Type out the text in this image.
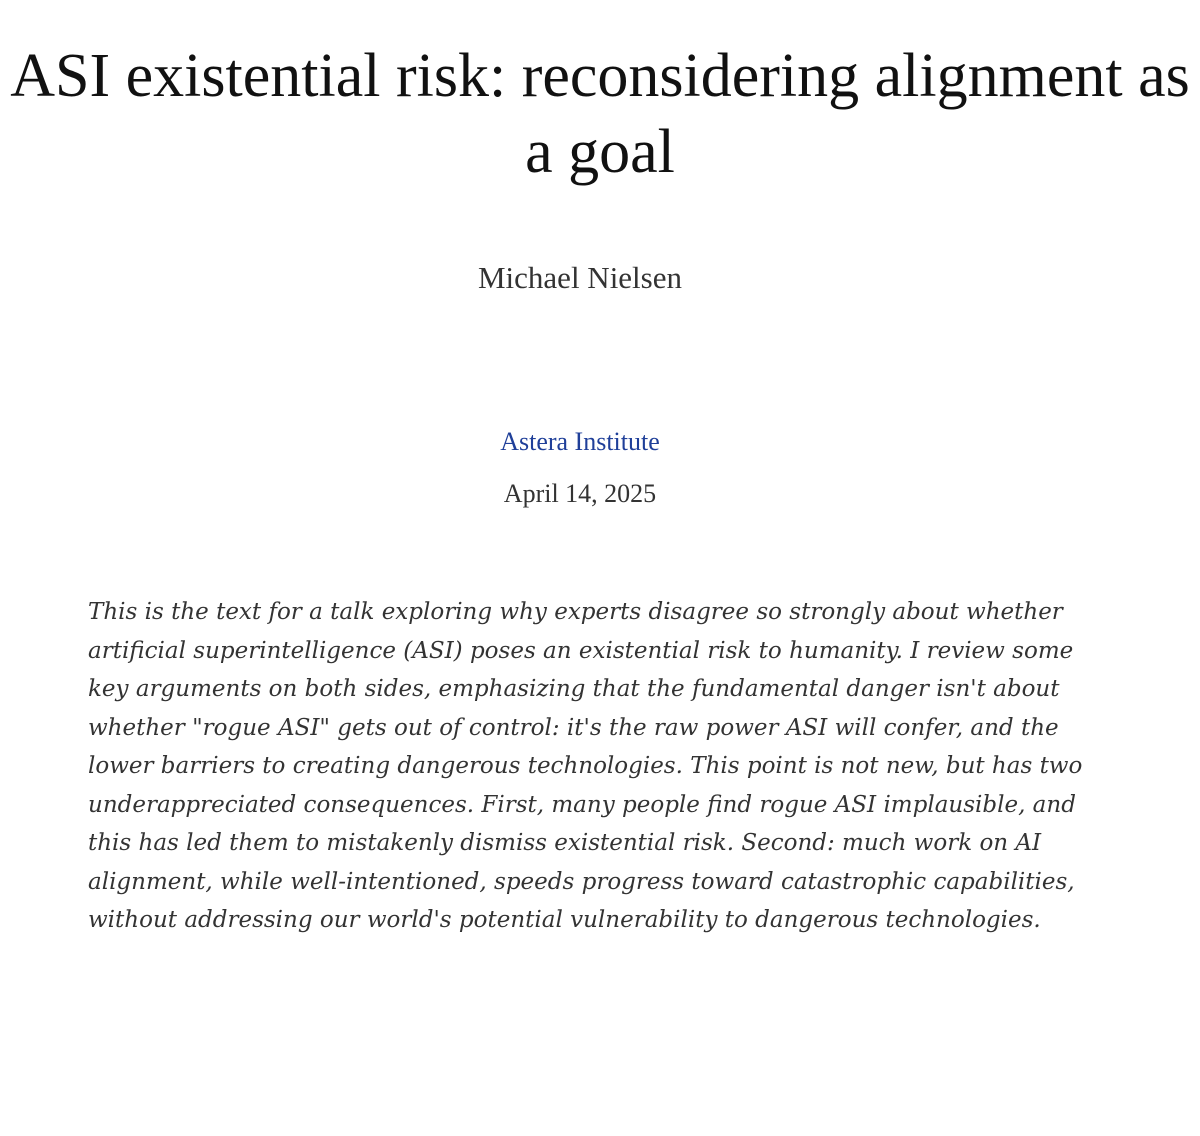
ASI existential risk: reconsidering alignment as a goal
Michael Nielsen
Astera Institute
April 14, 2025

This is the text for a talk exploring why experts disagree so strongly about whether artificial superintelligence (ASI) poses an existential risk to humanity. I review some key arguments on both sides, emphasizing that the fundamental danger isn't about whether "rogue ASI" gets out of control: it's the raw power ASI will confer, and the lower barriers to creating dangerous technologies. This point is not new, but has two underappreciated consequences. First, many people find rogue ASI implausible, and this has led them to mistakenly dismiss existential risk. Second: much work on AI alignment, while well-intentioned, speeds progress toward catastrophic capabilities, without addressing our world's potential vulnerability to dangerous technologies.
